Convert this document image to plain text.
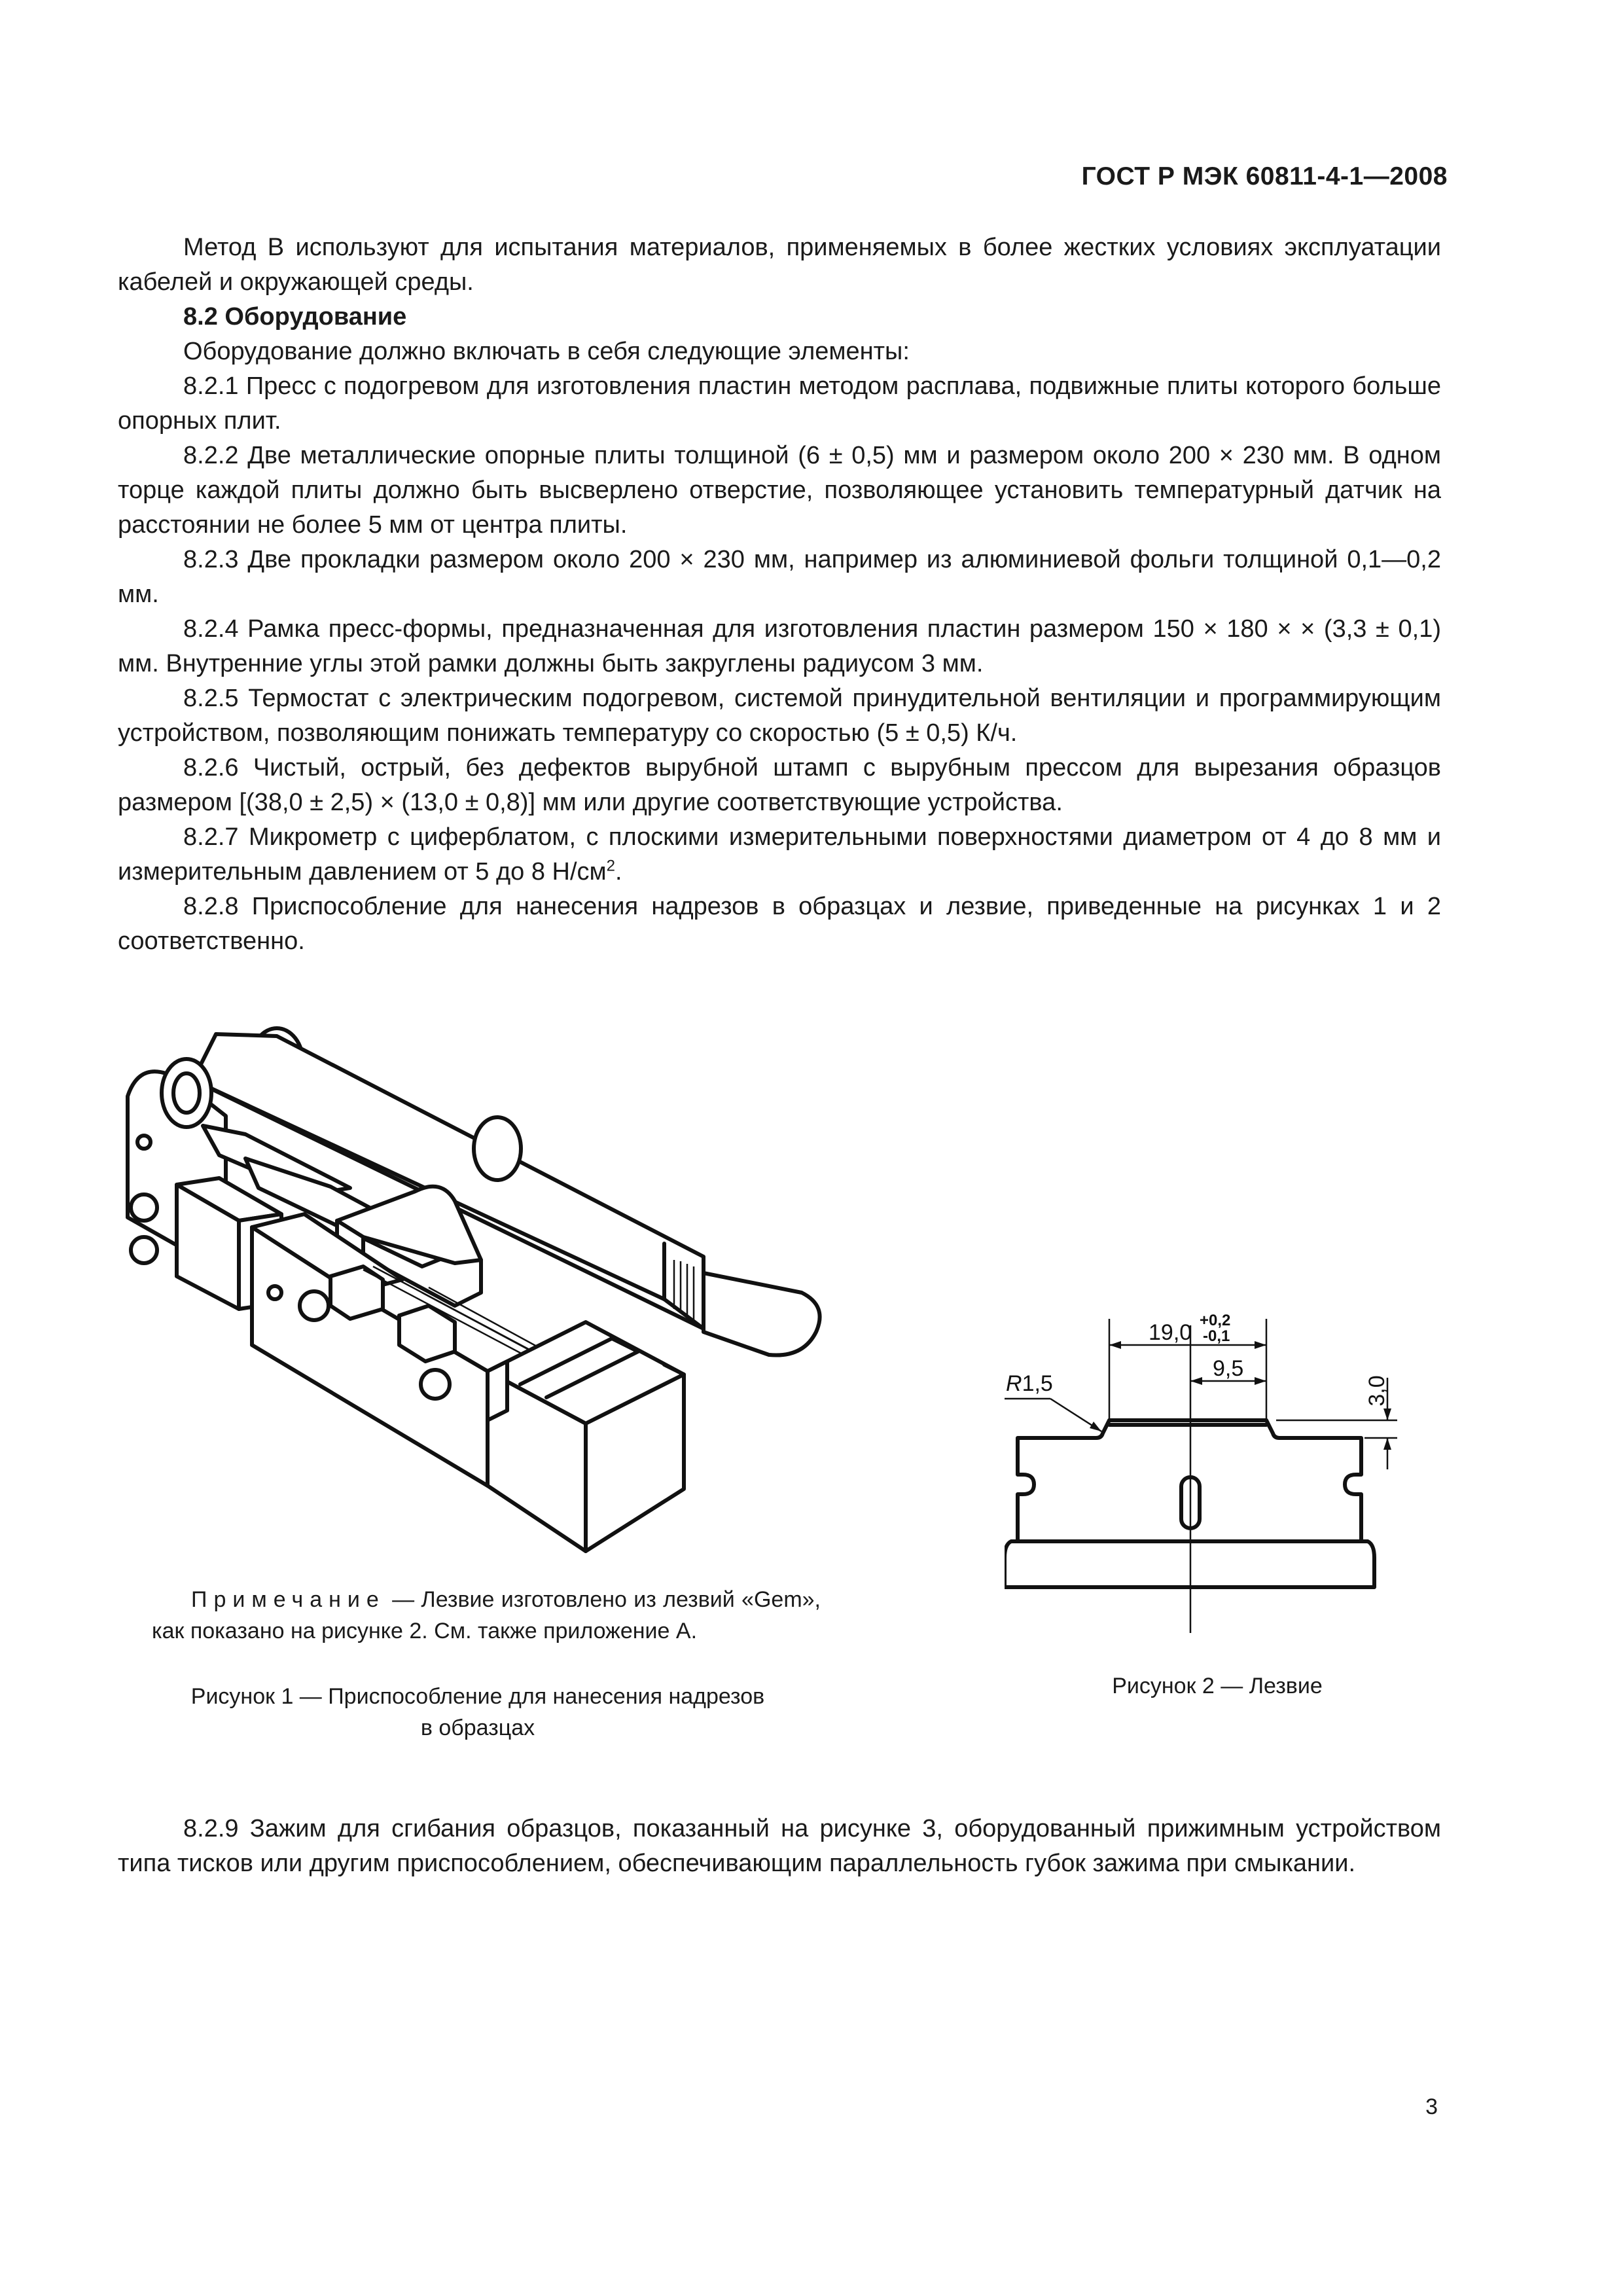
ГОСТ Р МЭК 60811-4-1—2008

Метод В используют для испытания материалов, применяемых в более жестких условиях эксплуатации кабелей и окружающей среды.

8.2 Оборудование

Оборудование должно включать в себя следующие элементы:

8.2.1 Пресс с подогревом для изготовления пластин методом расплава, подвижные плиты которого больше опорных плит.

8.2.2 Две металлические опорные плиты толщиной (6 ± 0,5) мм и размером около 200 × 230 мм. В одном торце каждой плиты должно быть высверлено отверстие, позволяющее установить температурный датчик на расстоянии не более 5 мм от центра плиты.

8.2.3 Две прокладки размером около 200 × 230 мм, например из алюминиевой фольги толщиной 0,1—0,2 мм.

8.2.4 Рамка пресс-формы, предназначенная для изготовления пластин размером 150 × 180 × × (3,3 ± 0,1) мм. Внутренние углы этой рамки должны быть закруглены радиусом 3 мм.

8.2.5 Термостат с электрическим подогревом, системой принудительной вентиляции и программирующим устройством, позволяющим понижать температуру со скоростью (5 ± 0,5) К/ч.

8.2.6 Чистый, острый, без дефектов вырубной штамп с вырубным прессом для вырезания образцов размером [(38,0 ± 2,5) × (13,0 ± 0,8)] мм или другие соответствующие устройства.

8.2.7 Микрометр с циферблатом, с плоскими измерительными поверхностями диаметром от 4 до 8 мм и измерительным давлением от 5 до 8 $Н/см^2$.

8.2.8 Приспособление для нанесения надрезов в образцах и лезвие, приведенные на рисунках 1 и 2 соответственно.

Примечание — Лезвие изготовлено из лезвий «Gem», как показано на рисунке 2. См. также приложение А.
Рисунок 1 — Приспособление для нанесения надрезов
в образцах
19,0 +0,2
-0,1
9,5
3,0
R1,5
Рисунок 2 — Лезвие

8.2.9 Зажим для сгибания образцов, показанный на рисунке 3, оборудованный прижимным устройством типа тисков или другим приспособлением, обеспечивающим параллельность губок зажима при смыкании.

3
